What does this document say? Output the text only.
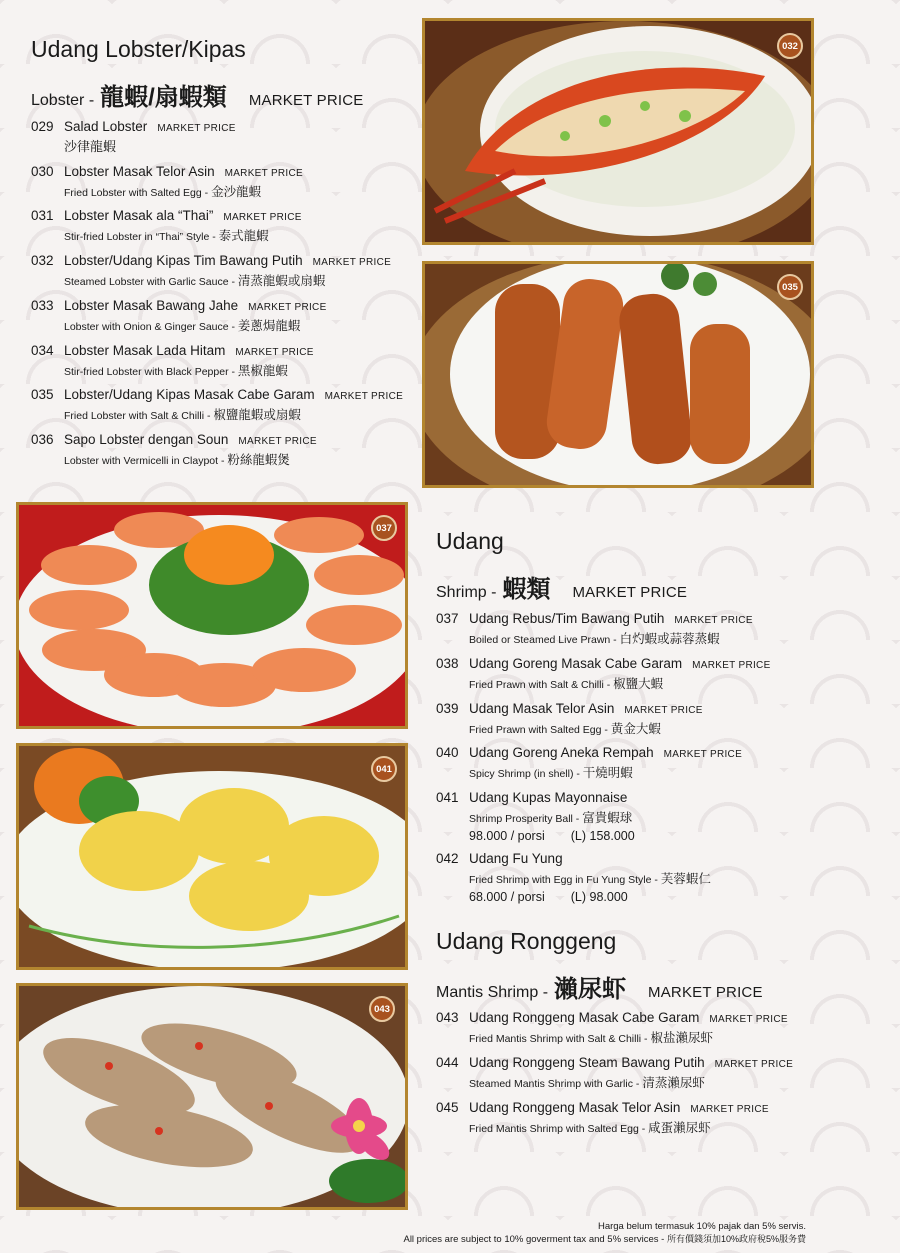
Udang Lobster/Kipas
Lobster - 龍蝦/扇蝦類 MARKET PRICE
029 Salad Lobster MARKET PRICE
沙律龍蝦
030 Lobster Masak Telor Asin MARKET PRICE
Fried Lobster with Salted Egg - 金沙龍蝦
031 Lobster Masak ala “Thai” MARKET PRICE
Stir-fried Lobster in “Thai” Style - 泰式龍蝦
032 Lobster/Udang Kipas Tim Bawang Putih MARKET PRICE
Steamed Lobster with Garlic Sauce - 清蒸龍蝦或扇蝦
033 Lobster Masak Bawang Jahe MARKET PRICE
Lobster with Onion & Ginger Sauce - 姜蔥焗龍蝦
034 Lobster Masak Lada Hitam MARKET PRICE
Stir-fried Lobster with Black Pepper - 黑椒龍蝦
035 Lobster/Udang Kipas Masak Cabe Garam MARKET PRICE
Fried Lobster with Salt & Chilli - 椒鹽龍蝦或扇蝦
036 Sapo Lobster dengan Soun MARKET PRICE
Lobster with Vermicelli in Claypot - 粉絲龍蝦煲
032
035
037
041
043
Udang
Shrimp - 蝦類 MARKET PRICE
037 Udang Rebus/Tim Bawang Putih MARKET PRICE
Boiled or Steamed Live Prawn - 白灼蝦或蒜蓉蒸蝦
038 Udang Goreng Masak Cabe Garam MARKET PRICE
Fried Prawn with Salt & Chilli - 椒鹽大蝦
039 Udang Masak Telor Asin MARKET PRICE
Fried Prawn with Salted Egg - 黄金大蝦
040 Udang Goreng Aneka Rempah MARKET PRICE
Spicy Shrimp (in shell) - 干燒明蝦
041 Udang Kupas Mayonnaise
Shrimp Prosperity Ball - 富貴蝦球
98.000 / porsi (L) 158.000
042 Udang Fu Yung
Fried Shrimp with Egg in Fu Yung Style - 芙蓉蝦仁
68.000 / porsi (L) 98.000
Udang Ronggeng
Mantis Shrimp - 瀨尿虾 MARKET PRICE
043 Udang Ronggeng Masak Cabe Garam MARKET PRICE
Fried Mantis Shrimp with Salt & Chilli - 椒盐瀨尿虾
044 Udang Ronggeng Steam Bawang Putih MARKET PRICE
Steamed Mantis Shrimp with Garlic - 清蒸瀨尿虾
045 Udang Ronggeng Masak Telor Asin MARKET PRICE
Fried Mantis Shrimp with Salted Egg - 咸蛋瀨尿虾
Harga belum termasuk 10% pajak dan 5% servis.
All prices are subject to 10% goverment tax and 5% services - 所有價錢須加10%政府稅5%服务費
